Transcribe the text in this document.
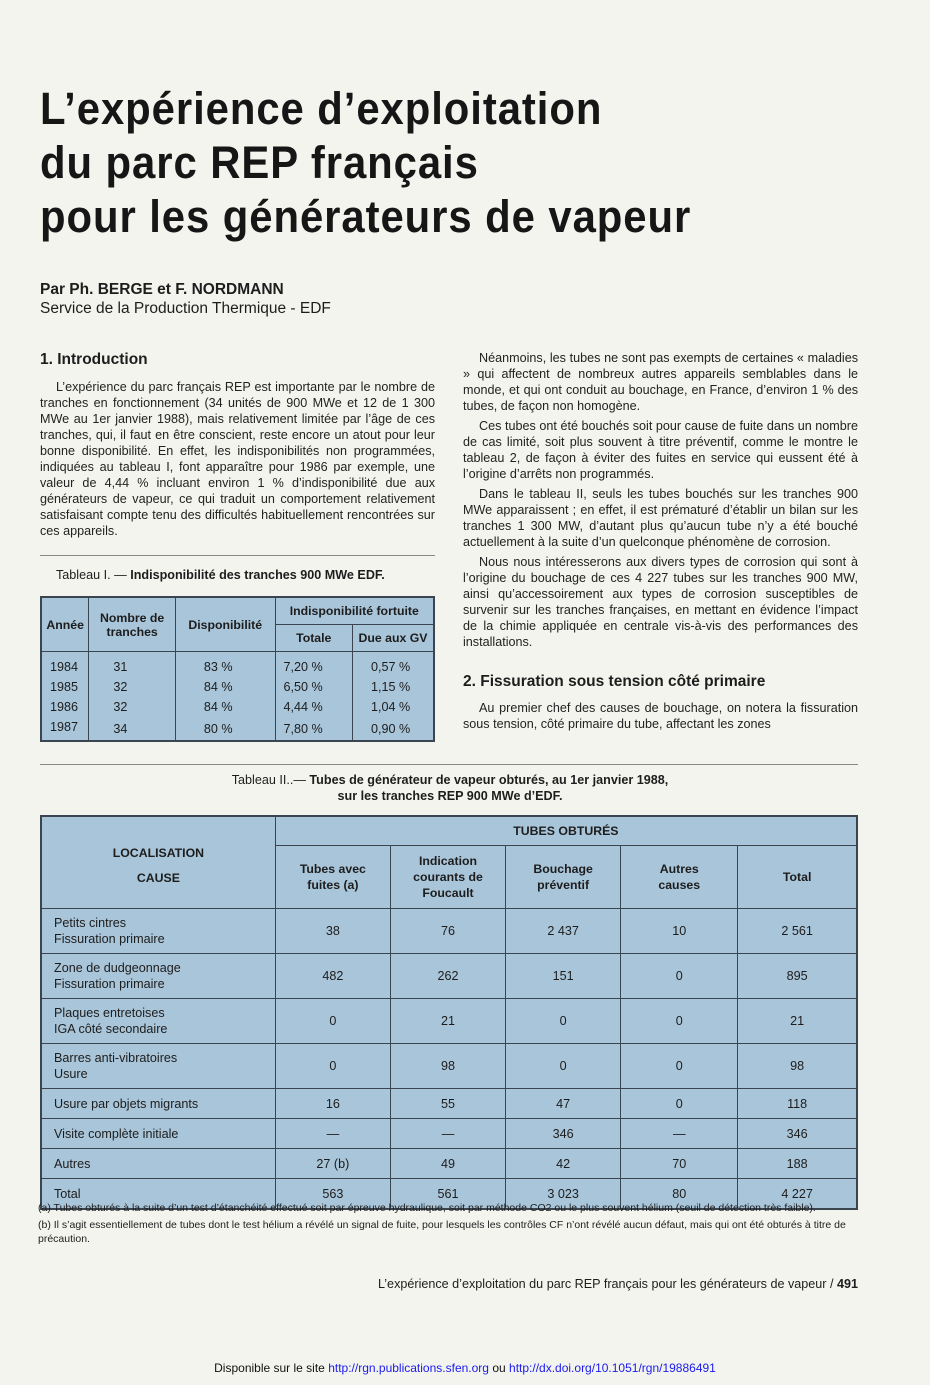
L’expérience d’exploitation
du parc REP français
pour les générateurs de vapeur
Par Ph. BERGE et F. NORDMANN
Service de la Production Thermique - EDF
1. Introduction

L’expérience du parc français REP est importante par le nombre de tranches en fonctionnement (34 unités de 900 MWe et 12 de 1 300 MWe au 1er janvier 1988), mais relativement limitée par l’âge de ces tranches, qui, il faut en être conscient, reste encore un atout pour leur bonne disponibilité. En effet, les indisponibilités non programmées, indiquées au tableau I, font apparaître pour 1986 par exemple, une valeur de 4,44 % incluant environ 1 % d’indisponibilité due aux générateurs de vapeur, ce qui traduit un comportement relativement satisfaisant compte tenu des difficultés habituellement rencontrées sur ces appareils.

Tableau I. — Indisponibilité des tranches 900 MWe EDF.
Année	Nombre de tranches	Disponibilité	Indisponibilité fortuite	
			Totale	Due aux GV
1984	31	83 %	7,20 %	0,57 %
1985	32	84 %	6,50 %	1,15 %
1986	32	84 %	4,44 %	1,04 %
1987	34	80 %	7,80 %	0,90 %

Néanmoins, les tubes ne sont pas exempts de certaines « maladies » qui affectent de nombreux autres appareils semblables dans le monde, et qui ont conduit au bouchage, en France, d’environ 1 % des tubes, de façon non homogène.

Ces tubes ont été bouchés soit pour cause de fuite dans un nombre de cas limité, soit plus souvent à titre préventif, comme le montre le tableau 2, de façon à éviter des fuites en service qui eussent été à l’origine d’arrêts non programmés.

Dans le tableau II, seuls les tubes bouchés sur les tranches 900 MWe apparaissent ; en effet, il est prématuré d’établir un bilan sur les tranches 1 300 MW, d’autant plus qu’aucun tube n’y a été bouché actuellement à la suite d’un quelconque phénomène de corrosion.

Nous nous intéresserons aux divers types de corrosion qui sont à l’origine du bouchage de ces 4 227 tubes sur les tranches 900 MW, ainsi qu’accessoirement aux types de corrosion susceptibles de survenir sur les tranches françaises, en mettant en évidence l’impact de la chimie appliquée en centrale vis-à-vis des performances des installations.

2. Fissuration sous tension côté primaire

Au premier chef des causes de bouchage, on notera la fissuration sous tension, côté primaire du tube, affectant les zones

Tableau II..— Tubes de générateur de vapeur obturés, au 1er janvier 1988,
sur les tranches REP 900 MWe d’EDF.
LOCALISATION
CAUSE	TUBES OBTURÉS				
	Tubes avec fuites (a)	Indication courants de Foucault	Bouchage préventif	Autres causes	Total

Petits cintres
Fissuration primaire	38	76	2 437	10	2 561

Zone de dudgeonnage
Fissuration primaire	482	262	151	0	895

Plaques entretoises
IGA côté secondaire	0	21	0	0	21

Barres anti-vibratoires
Usure	0	98	0	0	98
Usure par objets migrants	16	55	47	0	118
Visite complète initiale	—	—	346	—	346
Autres	27 (b)	49	42	70	188
Total	563	561	3 023	80	4 227

(a) Tubes obturés à la suite d’un test d’étanchéité effectué soit par épreuve hydraulique, soit par méthode CO2 ou le plus souvent hélium (seuil de détection très faible).

(b) Il s’agit essentiellement de tubes dont le test hélium a révélé un signal de fuite, pour lesquels les contrôles CF n’ont révélé aucun défaut, mais qui ont été obturés à titre de précaution.

L’expérience d’exploitation du parc REP français pour les générateurs de vapeur / 491
Disponible sur le site http://rgn.publications.sfen.org ou http://dx.doi.org/10.1051/rgn/19886491
